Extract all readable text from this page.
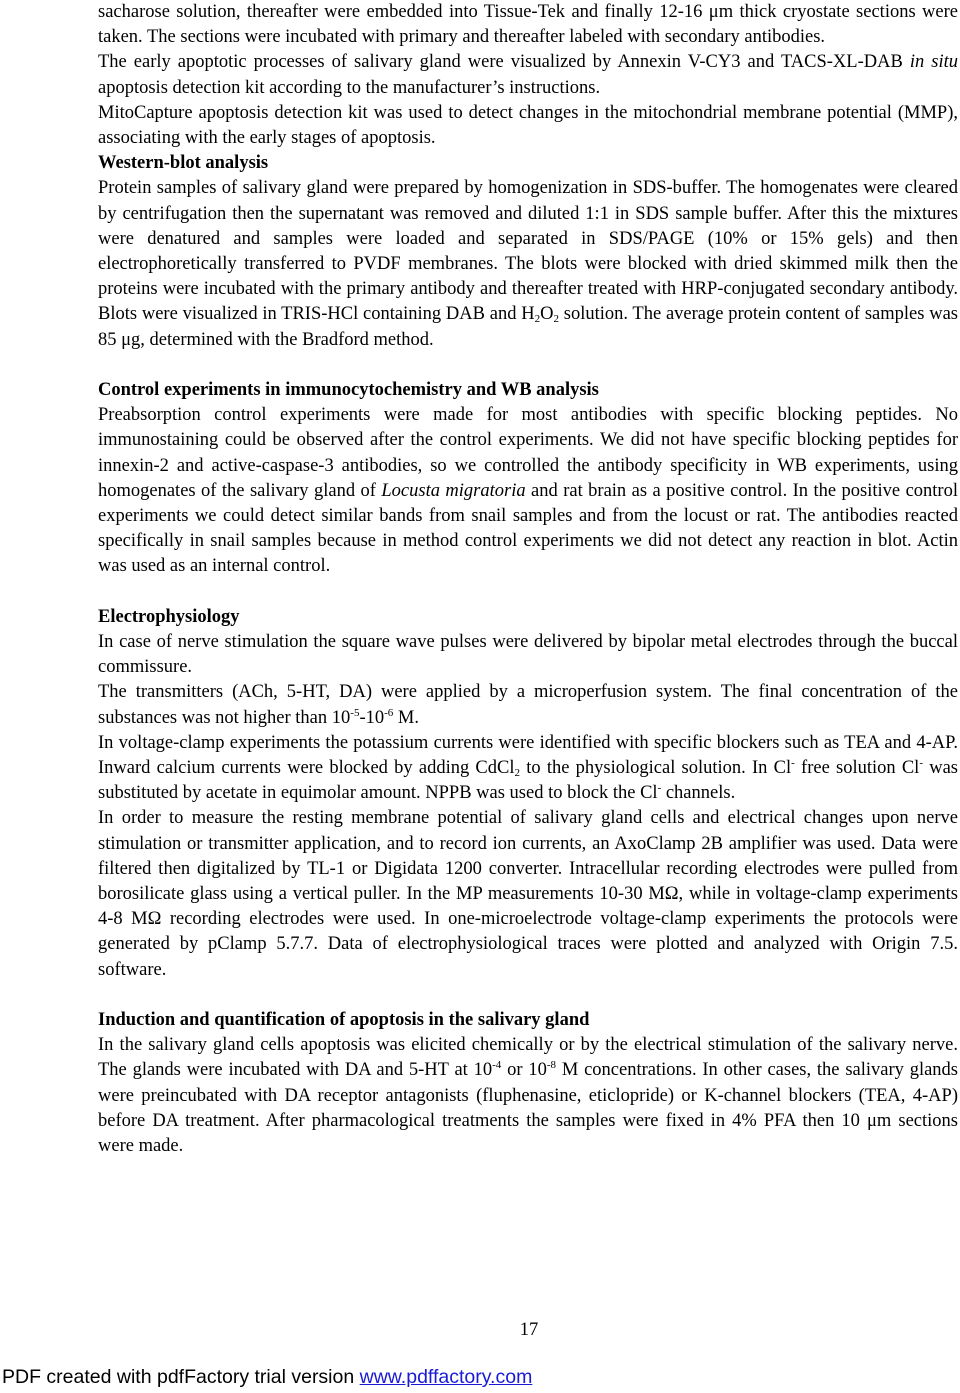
sacharose solution, thereafter were embedded into Tissue-Tek and finally 12-16 μm thick cryostate sections were taken. The sections were incubated with primary and thereafter labeled with secondary antibodies.

The early apoptotic processes of salivary gland were visualized by Annexin V-CY3 and TACS-XL-DAB in situ apoptosis detection kit according to the manufacturer’s instructions.

MitoCapture apoptosis detection kit was used to detect changes in the mitochondrial membrane potential (MMP), associating with the early stages of apoptosis.

Western-blot analysis

Protein samples of salivary gland were prepared by homogenization in SDS-buffer. The homogenates were cleared by centrifugation then the supernatant was removed and diluted 1:1 in SDS sample buffer. After this the mixtures were denatured and samples were loaded and separated in SDS/PAGE (10% or 15% gels) and then electrophoretically transferred to PVDF membranes. The blots were blocked with dried skimmed milk then the proteins were incubated with the primary antibody and thereafter treated with HRP-conjugated secondary antibody. Blots were visualized in TRIS-HCl containing DAB and $H_2O_2$ solution. The average protein content of samples was 85 μg, determined with the Bradford method.

Control experiments in immunocytochemistry and WB analysis

Preabsorption control experiments were made for most antibodies with specific blocking peptides. No immunostaining could be observed after the control experiments. We did not have specific blocking peptides for innexin-2 and active-caspase-3 antibodies, so we controlled the antibody specificity in WB experiments, using homogenates of the salivary gland of Locusta migratoria and rat brain as a positive control. In the positive control experiments we could detect similar bands from snail samples and from the locust or rat. The antibodies reacted specifically in snail samples because in method control experiments we did not detect any reaction in blot. Actin was used as an internal control.

Electrophysiology

In case of nerve stimulation the square wave pulses were delivered by bipolar metal electrodes through the buccal commissure.

The transmitters (ACh, 5-HT, DA) were applied by a microperfusion system. The final concentration of the substances was not higher than $10^{-5}-10^{-6}$ M.

In voltage-clamp experiments the potassium currents were identified with specific blockers such as TEA and 4-AP. Inward calcium currents were blocked by adding CdCl$_2$ to the physiological solution. In Cl- free solution Cl- was substituted by acetate in equimolar amount. NPPB was used to block the Cl- channels.

In order to measure the resting membrane potential of salivary gland cells and electrical changes upon nerve stimulation or transmitter application, and to record ion currents, an AxoClamp 2B amplifier was used. Data were filtered then digitalized by TL-1 or Digidata 1200 converter. Intracellular recording electrodes were pulled from borosilicate glass using a vertical puller. In the MP measurements 10-30 MΩ, while in voltage-clamp experiments 4-8 MΩ recording electrodes were used. In one-microelectrode voltage-clamp experiments the protocols were generated by pClamp 5.7.7. Data of electrophysiological traces were plotted and analyzed with Origin 7.5. software.

Induction and quantification of apoptosis in the salivary gland

In the salivary gland cells apoptosis was elicited chemically or by the electrical stimulation of the salivary nerve. The glands were incubated with DA and 5-HT at $10^{-4}$ or $10^{-8}$ M concentrations. In other cases, the salivary glands were preincubated with DA receptor antagonists (fluphenasine, eticlopride) or K-channel blockers (TEA, 4-AP) before DA treatment. After pharmacological treatments the samples were fixed in 4% PFA then 10 μm sections were made.

17
PDF created with pdfFactory trial version www.pdffactory.com
